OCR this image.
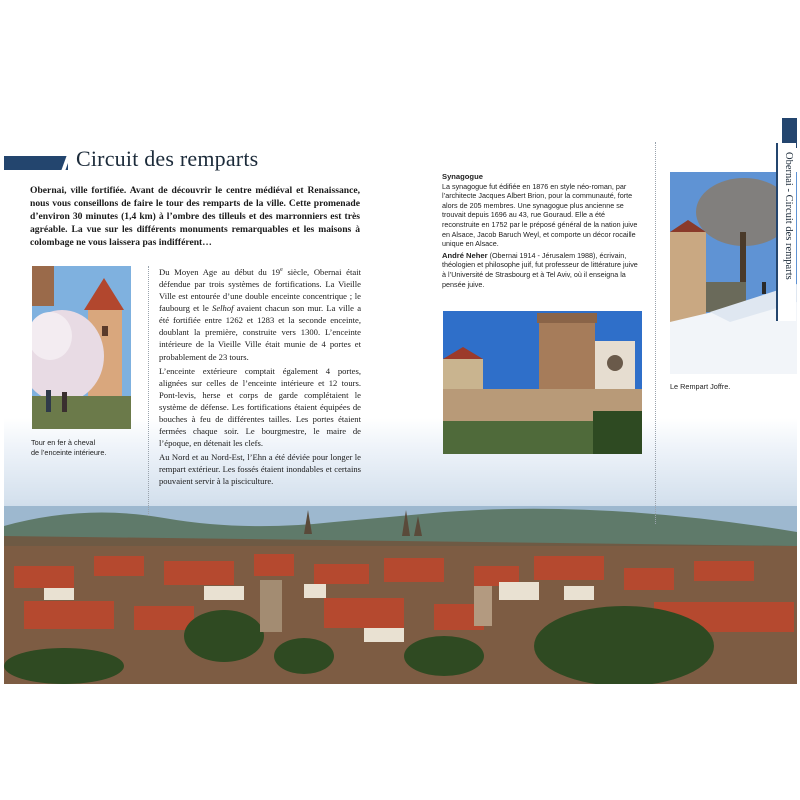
Circuit des remparts

Obernai, ville fortifiée. Avant de découvrir le centre médiéval et Renaissance, nous vous conseillons de faire le tour des remparts de la ville. Cette promenade d’environ 30 minutes (1,4 km) à l’ombre des tilleuls et des marronniers est très agréable. La vue sur les différents monuments remarquables et les maisons à colombage ne vous laissera pas indifférent…

Tour en fer à cheval
de l’enceinte intérieure.

Du Moyen Age au début du 19e siècle, Obernai était défendue par trois systèmes de fortifications. La Vieille Ville est entourée d’une double enceinte concentrique ; le faubourg et le Selhof avaient chacun son mur. La ville a été fortifiée entre 1262 et 1283 et la seconde enceinte, doublant la première, construite vers 1300. L’enceinte intérieure de la Vieille Ville était munie de 4 portes et probablement de 23 tours.

L’enceinte extérieure comptait également 4 portes, alignées sur celles de l’enceinte intérieure et 12 tours. Pont-levis, herse et corps de garde complétaient le système de défense. Les fortifications étaient équipées de bouches à feu de différentes tailles. Les portes étaient fermées chaque soir. Le bourgmestre, le maire de l’époque, en détenait les clefs.

Au Nord et au Nord-Est, l’Ehn a été déviée pour longer le rempart extérieur. Les fossés étaient inondables et certains pouvaient servir à la pisciculture.

Synagogue
La synagogue fut édifiée en 1876 en style néo-roman, par l’architecte Jacques Albert Brion, pour la communauté, forte alors de 205 membres. Une synagogue plus ancienne se trouvait depuis 1696 au 43, rue Gouraud. Elle a été reconstruite en 1752 par le préposé général de la nation juive en Alsace, Jacob Baruch Weyl, et comporte un décor rocaille unique en Alsace.

André Neher (Obernai 1914 - Jérusalem 1988), écrivain, théologien et philosophe juif, fut professeur de littérature juive à l’Université de Strasbourg et à Tel Aviv, où il enseigna la pensée juive.

Le Rempart Joffre.
Obernai - Circuit des remparts
